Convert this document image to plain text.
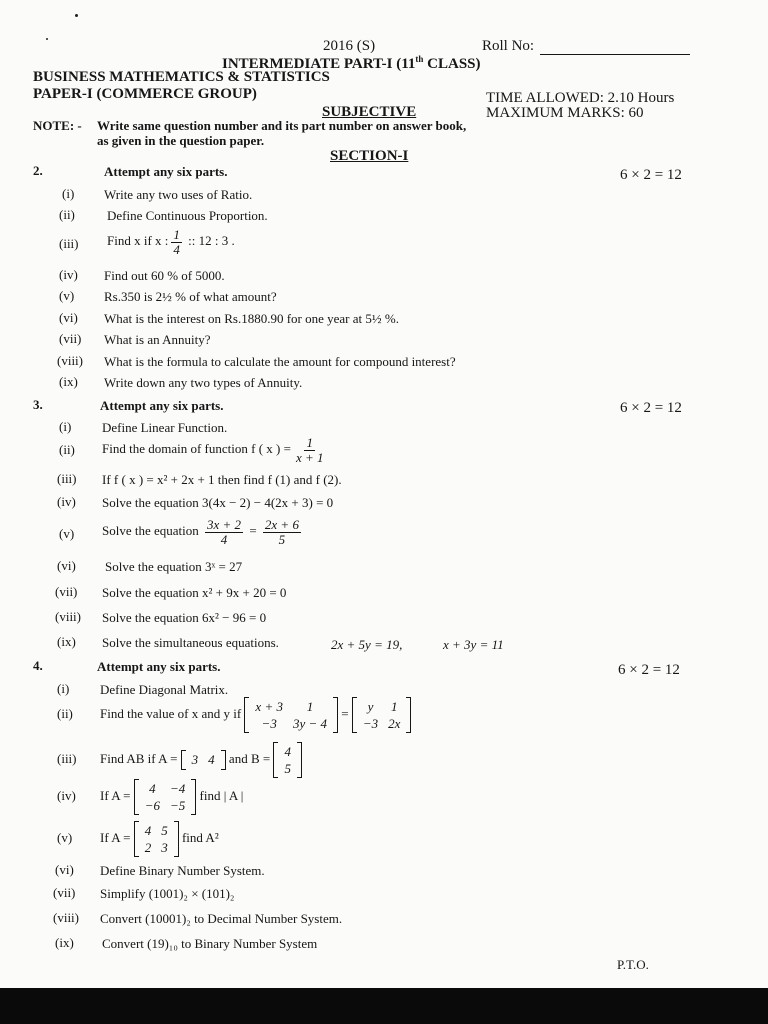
2016 (S)	Roll No:
INTERMEDIATE PART-I (11th CLASS)
BUSINESS MATHEMATICS & STATISTICS
PAPER-I (COMMERCE GROUP)	TIME ALLOWED: 2.10 Hours
SUBJECTIVE	MAXIMUM MARKS: 60
NOTE: - Write same question number and its part number on answer book,
as given in the question paper.
SECTION-I
2.	Attempt any six parts.	6 × 2 = 12
(i) Write any two uses of Ratio.
(ii) Define Continuous Proportion.
(iii) Find x if x : $\frac{1}{4}$ :: 12 : 3 .
(iv) Find out 60 % of 5000.
(v) Rs.350 is 2½ % of what amount?
(vi) What is the interest on Rs.1880.90 for one year at 5½ %.
(vii) What is an Annuity?
(viii) What is the formula to calculate the amount for compound interest?
(ix) Write down any two types of Annuity.
3.	Attempt any six parts.	6 × 2 = 12
(i) Define Linear Function.
(ii) Find the domain of function f ( x ) = $\frac{1}{x + 1}$
(iii) If f ( x ) = x² + 2x + 1 then find f (1) and f (2).
(iv) Solve the equation 3(4x − 2) − 4(2x + 3) = 0
(v) Solve the equation $\frac{3x + 2}{4} = \frac{2x + 6}{5}$
(vi) Solve the equation 3ˣ = 27
(vii) Solve the equation x² + 9x + 20 = 0
(viii) Solve the equation 6x² − 96 = 0
(ix) Solve the simultaneous equations.	2x + 5y = 19,	x + 3y = 11
4.	Attempt any six parts.	6 × 2 = 12
(i) Define Diagonal Matrix.
(ii) Find the value of x and y if x + 3	1
−3	3y − 4
= y	1
−3	2x
(iii) Find AB if A = 3	4 and B = 4
5
(iv) If A = 4	−4
−6	−5
find | A |
(v) If A = 4	5
2	3
find A²
(vi) Define Binary Number System.
(vii) Simplify (1001)₂ × (101)₂
(viii) Convert (10001)₂ to Decimal Number System.
(ix) Convert (19)₁₀ to Binary Number System
P.T.O.
